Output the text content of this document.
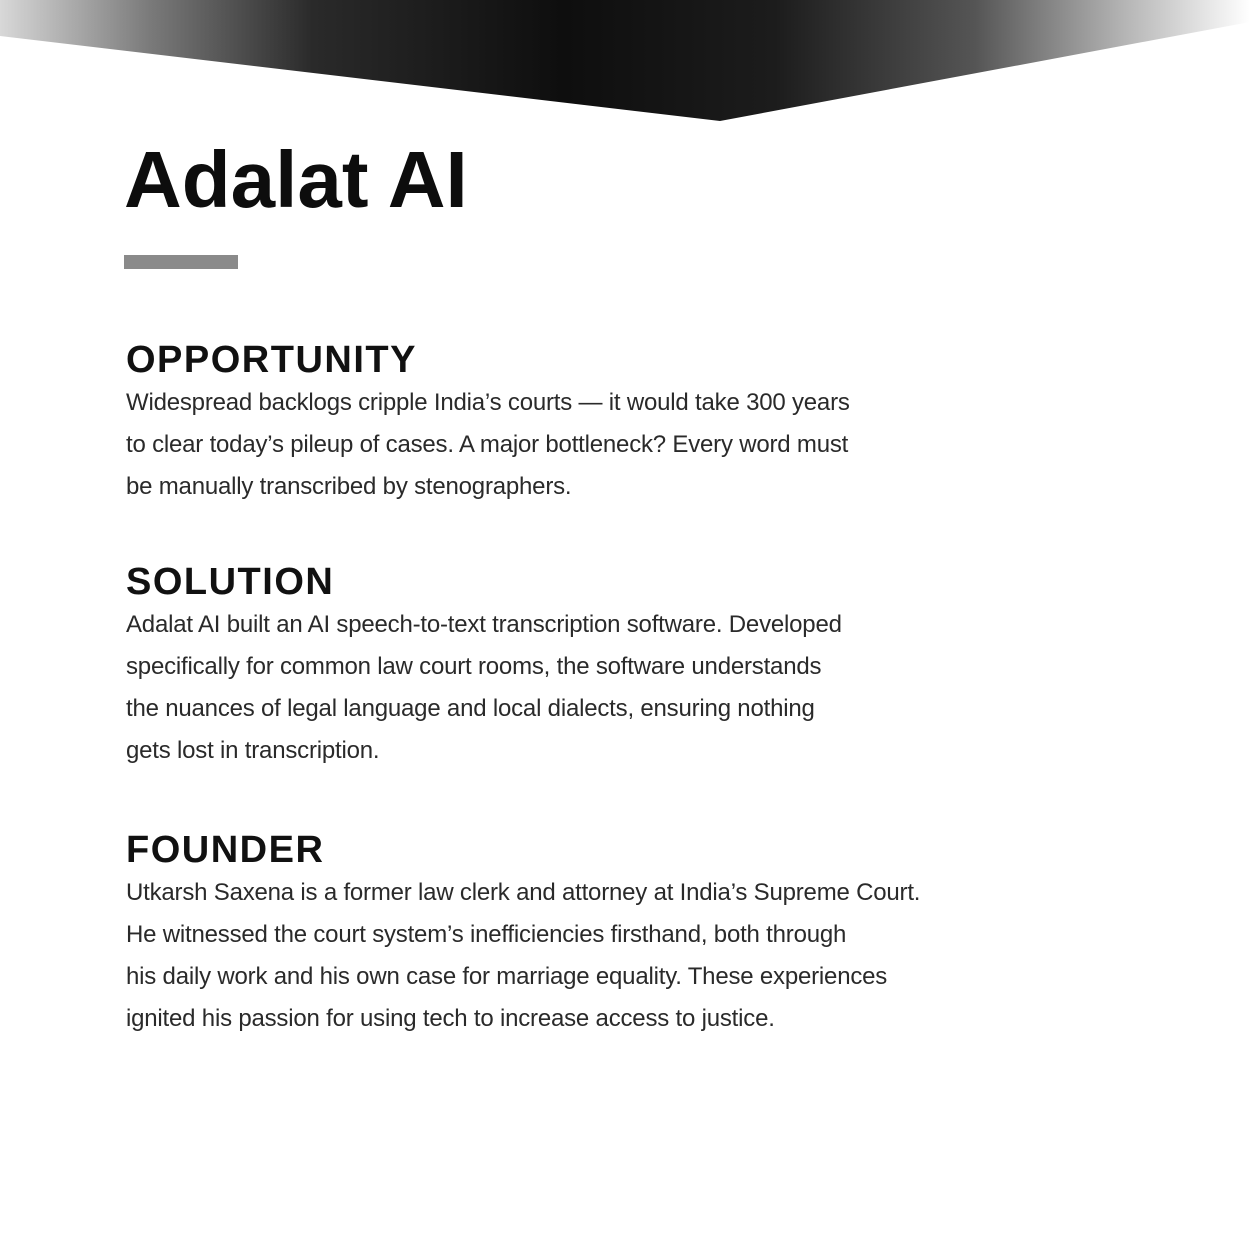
Adalat AI
OPPORTUNITY

Widespread backlogs cripple India’s courts — it would take 300 years
to clear today’s pileup of cases. A major bottleneck? Every word must
be manually transcribed by stenographers.

SOLUTION

Adalat AI built an AI speech-to-text transcription software. Developed
specifically for common law court rooms, the software understands
the nuances of legal language and local dialects, ensuring nothing
gets lost in transcription.

FOUNDER

Utkarsh Saxena is a former law clerk and attorney at India’s Supreme Court.
He witnessed the court system’s inefficiencies firsthand, both through
his daily work and his own case for marriage equality. These experiences
ignited his passion for using tech to increase access to justice.
